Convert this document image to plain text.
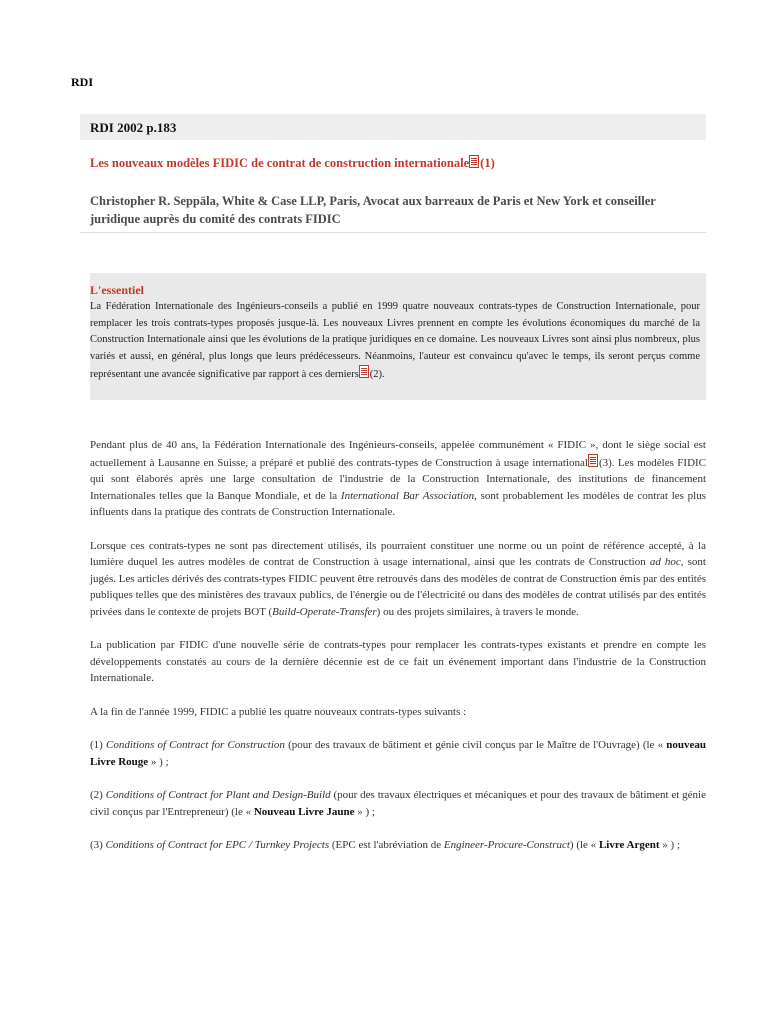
RDI
RDI 2002 p.183
Les nouveaux modèles FIDIC de contrat de construction internationale (1)
Christopher R. Seppäla, White & Case LLP, Paris, Avocat aux barreaux de Paris et New York et conseiller juridique auprès du comité des contrats FIDIC
L'essentiel
La Fédération Internationale des Ingénieurs-conseils a publié en 1999 quatre nouveaux contrats-types de Construction Internationale, pour remplacer les trois contrats-types proposés jusque-là. Les nouveaux Livres prennent en compte les évolutions économiques du marché de la Construction Internationale ainsi que les évolutions de la pratique juridiques en ce domaine. Les nouveaux Livres sont ainsi plus nombreux, plus variés et aussi, en général, plus longs que leurs prédécesseurs. Néanmoins, l'auteur est convaincu qu'avec le temps, ils seront perçus comme représentant une avancée significative par rapport à ces derniers (2).

Pendant plus de 40 ans, la Fédération Internationale des Ingénieurs-conseils, appelée communément « FIDIC », dont le siège social est actuellement à Lausanne en Suisse, a préparé et publié des contrats-types de Construction à usage international (3). Les modèles FIDIC qui sont élaborés après une large consultation de l'industrie de la Construction Internationale, des institutions de financement Internationales telles que la Banque Mondiale, et de la International Bar Association, sont probablement les modèles de contrat les plus influents dans la pratique des contrats de Construction Internationale.

Lorsque ces contrats-types ne sont pas directement utilisés, ils pourraient constituer une norme ou un point de référence accepté, à la lumière duquel les autres modèles de contrat de Construction à usage international, ainsi que les contrats de Construction ad hoc, sont jugés. Les articles dérivés des contrats-types FIDIC peuvent être retrouvés dans des modèles de contrat de Construction émis par des entités publiques telles que des ministères des travaux publics, de l'énergie ou de l'électricité ou dans des modèles de contrat utilisés par des entités privées dans le contexte de projets BOT (Build-Operate-Transfer) ou des projets similaires, à travers le monde.

La publication par FIDIC d'une nouvelle série de contrats-types pour remplacer les contrats-types existants et prendre en compte les développements constatés au cours de la dernière décennie est de ce fait un événement important dans l'industrie de la Construction Internationale.

A la fin de l'année 1999, FIDIC a publié les quatre nouveaux contrats-types suivants :

(1) Conditions of Contract for Construction (pour des travaux de bâtiment et génie civil conçus par le Maître de l'Ouvrage) (le « nouveau Livre Rouge » ) ;

(2) Conditions of Contract for Plant and Design-Build (pour des travaux électriques et mécaniques et pour des travaux de bâtiment et génie civil conçus par l'Entrepreneur) (le « Nouveau Livre Jaune » ) ;

(3) Conditions of Contract for EPC / Turnkey Projects (EPC est l'abréviation de Engineer-Procure-Construct) (le « Livre Argent » ) ;
